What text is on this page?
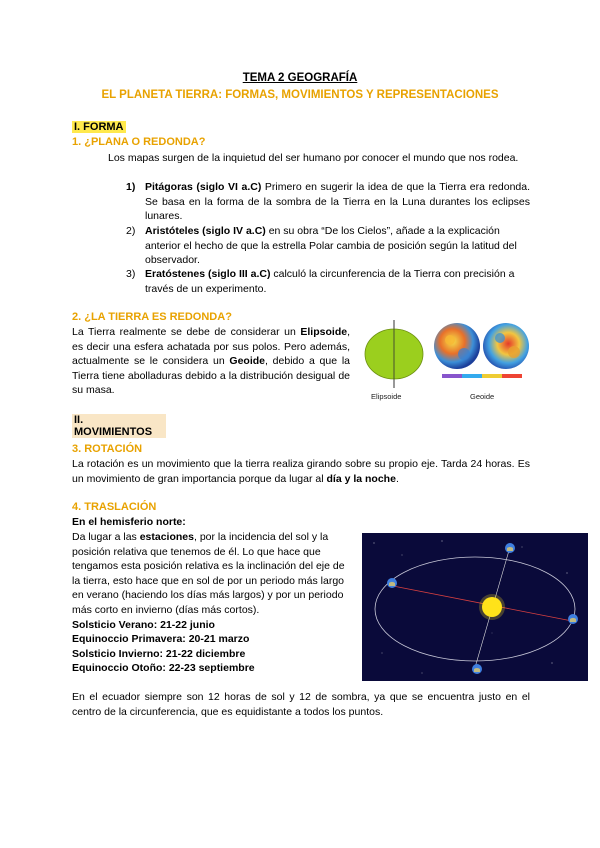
TEMA 2 GEOGRAFÍA
EL PLANETA TIERRA: FORMAS, MOVIMIENTOS Y REPRESENTACIONES
I. FORMA
1. ¿PLANA O REDONDA?
Los mapas surgen de la inquietud del ser humano por conocer el mundo que nos rodea.
1) Pitágoras (siglo VI a.C) Primero en sugerir la idea de que la Tierra era redonda. Se basa en la forma de la sombra de la Tierra en la Luna durantes los eclipses lunares.
2) Aristóteles (siglo IV a.C) en su obra “De los Cielos”, añade a la explicación anterior el hecho de que la estrella Polar cambia de posición según la latitud del observador.
3) Eratóstenes (siglo III a.C) calculó la circunferencia de la Tierra con precisión a través de un experimento.
2. ¿LA TIERRA ES REDONDA?
La Tierra realmente se debe de considerar un Elipsoide, es decir una esfera achatada por sus polos. Pero además, actualmente se le considera un Geoide, debido a que la Tierra tiene abolladuras debido a la distribución desigual de su masa.
Elipsoide	Geoide
II. MOVIMIENTOS
3. ROTACIÓN
La rotación es un movimiento que la tierra realiza girando sobre su propio eje. Tarda 24 horas. Es un movimiento de gran importancia porque da lugar al día y la noche.
4. TRASLACIÓN
En el hemisferio norte:
Da lugar a las estaciones, por la incidencia del sol y la posición relativa que tenemos de él. Lo que hace que tengamos esta posición relativa es la inclinación del eje de la tierra, esto hace que en sol de por un periodo más largo en verano (haciendo los días más largos) y por un periodo más corto en invierno (días más cortos).
Solsticio Verano: 21-22 junio
Equinoccio Primavera: 20-21 marzo
Solsticio Invierno: 21-22 diciembre
Equinoccio Otoño: 22-23 septiembre
En el ecuador siempre son 12 horas de sol y 12 de sombra, ya que se encuentra justo en el centro de la circunferencia, que es equidistante a todos los puntos.
